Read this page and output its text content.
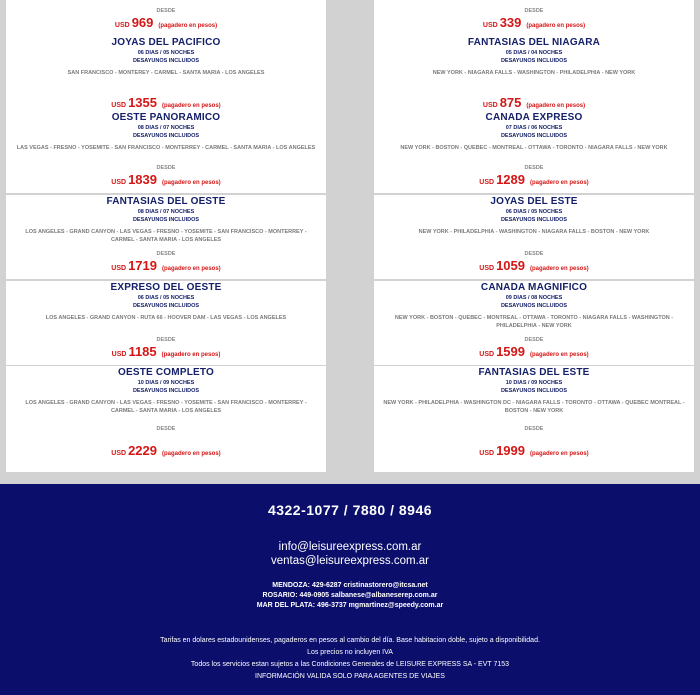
DESDE
USD 969 (pagadero en pesos)
DESDE
USD 339 (pagadero en pesos)
JOYAS DEL PACIFICO
06 DIAS / 05 NOCHES
DESAYUNOS INCLUIDOS
SAN FRANCISCO - MONTEREY - CARMEL - SANTA MARIA - LOS ANGELES
USD 1355 (pagadero en pesos)
FANTASIAS DEL NIAGARA
05 DIAS / 04 NOCHES
DESAYUNOS INCLUIDOS
NEW YORK - NIAGARA FALLS - WASHINGTON - PHILADELPHIA - NEW YORK
USD 875 (pagadero en pesos)
OESTE PANORAMICO
08 DIAS / 07 NOCHES
DESAYUNOS INCLUIDOS
LAS VEGAS - FRESNO - YOSEMITE - SAN FRANCISCO - MONTERREY - CARMEL - SANTA MARIA - LOS ANGELES
DESDE
USD 1839 (pagadero en pesos)
CANADA EXPRESO
07 DIAS / 06 NOCHES
DESAYUNOS INCLUIDOS
NEW YORK - BOSTON - QUEBEC - MONTREAL - OTTAWA - TORONTO - NIAGARA FALLS - NEW YORK
DESDE
USD 1289 (pagadero en pesos)
FANTASIAS DEL OESTE
08 DIAS / 07 NOCHES
DESAYUNOS INCLUIDOS
LOS ANGELES - GRAND CANYON - LAS VEGAS - FRESNO - YOSEMITE - SAN FRANCISCO - MONTERREY - CARMEL - SANTA MARIA - LOS ANGELES
DESDE
USD 1719 (pagadero en pesos)
JOYAS DEL ESTE
06 DIAS / 05 NOCHES
DESAYUNOS INCLUIDOS
NEW YORK - PHILADELPHIA - WASHINGTON - NIAGARA FALLS - BOSTON - NEW YORK
DESDE
USD 1059 (pagadero en pesos)
EXPRESO DEL OESTE
06 DIAS / 05 NOCHES
DESAYUNOS INCLUIDOS
LOS ANGELES - GRAND CANYON - RUTA 66 - HOOVER DAM - LAS VEGAS - LOS ANGELES
DESDE
USD 1185 (pagadero en pesos)
CANADA MAGNIFICO
09 DIAS / 08 NOCHES
DESAYUNOS INCLUIDOS
NEW YORK - BOSTON - QUEBEC - MONTREAL - OTTAWA - TORONTO - NIAGARA FALLS - WASHINGTON - PHILADELPHIA - NEW YORK
DESDE
USD 1599 (pagadero en pesos)
OESTE COMPLETO
10 DIAS / 09 NOCHES
DESAYUNOS INCLUIDOS
LOS ANGELES - GRAND CANYON - LAS VEGAS - FRESNO - YOSEMITE - SAN FRANCISCO - MONTERREY - CARMEL - SANTA MARIA - LOS ANGELES
DESDE
USD 2229 (pagadero en pesos)
FANTASIAS DEL ESTE
10 DIAS / 09 NOCHES
DESAYUNOS INCLUIDOS
NEW YORK - PHILADELPHIA - WASHINGTON DC - NIAGARA FALLS - TORONTO - OTTAWA - QUEBEC MONTREAL - BOSTON - NEW YORK
DESDE
USD 1999 (pagadero en pesos)
4322-1077 / 7880 / 8946
info@leisureexpress.com.ar
ventas@leisureexpress.com.ar
MENDOZA: 429-6287 cristinastorero@itcsa.net
ROSARIO: 449-0905 salbanese@albaneserep.com.ar
MAR DEL PLATA: 496-3737 mgmartinez@speedy.com.ar
Tarifas en dolares estadounidenses, pagaderos en pesos al cambio del día. Base habitacion doble, sujeto a disponibilidad.
Los precios no incluyen IVA
Todos los servicios estan sujetos a las Condiciones Generales de LEISURE EXPRESS SA - EVT 7153
INFORMACIÓN VALIDA SOLO PARA AGENTES DE VIAJES
